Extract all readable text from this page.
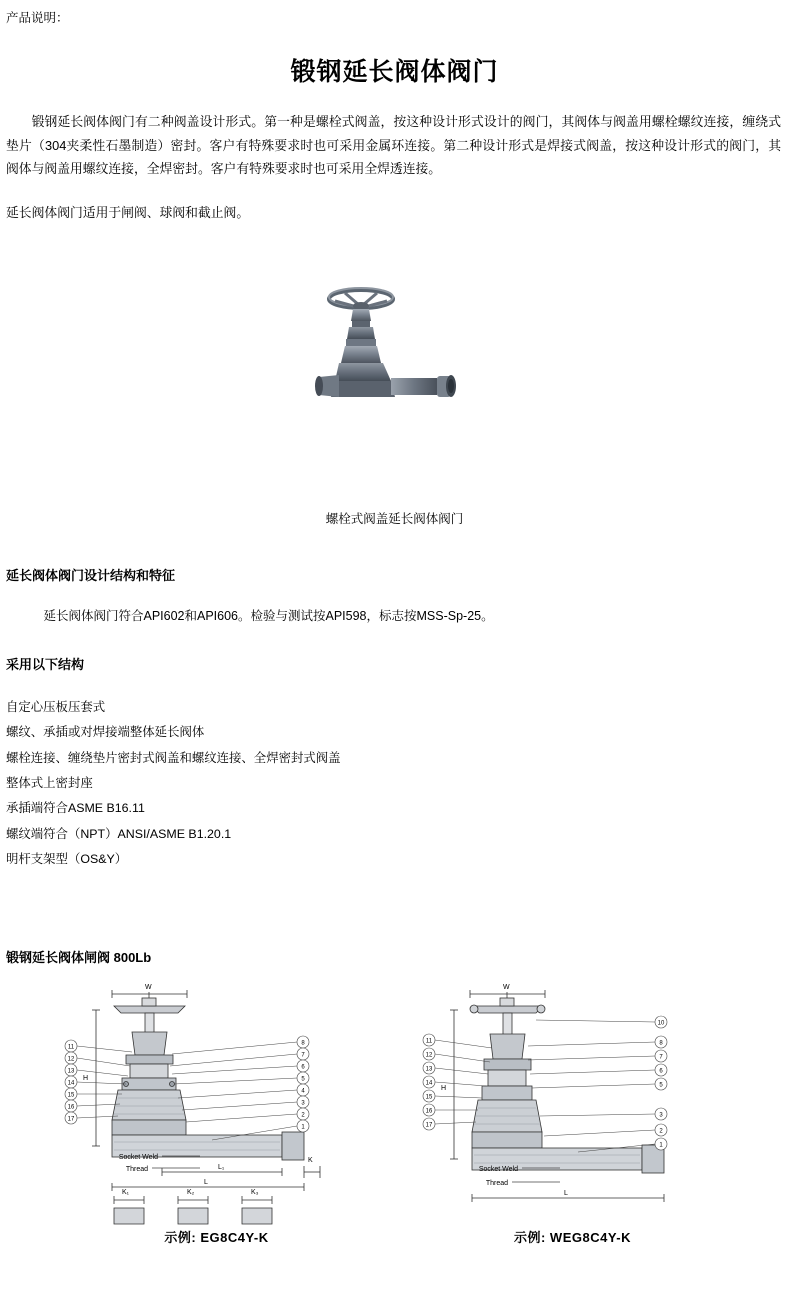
产品说明：
锻钢延长阀体阀门

锻钢延长阀体阀门有二种阀盖设计形式。第一种是螺栓式阀盖，按这种设计形式设计的阀门，其阀体与阀盖用螺栓螺纹连接，缠绕式垫片（304夹柔性石墨制造）密封。客户有特殊要求时也可采用金属环连接。第二种设计形式是焊接式阀盖，按这种设计形式的阀门，其阀体与阀盖用螺纹连接，全焊密封。客户有特殊要求时也可采用全焊透连接。

延长阀体阀门适用于闸阀、球阀和截止阀。

螺栓式阀盖延长阀体阀门
延长阀体阀门设计结构和特征

延长阀体阀门符合API602和API606。检验与测试按API598，标志按MSS-Sp-25。

采用以下结构
自定心压板压套式
螺纹、承插或对焊接端整体延长阀体
螺栓连接、缠绕垫片密封式阀盖和螺纹连接、全焊密封式阀盖
整体式上密封座
承插端符合ASME B16.11
螺纹端符合（NPT）ANSI/ASME B1.20.1
明杆支架型（OS&Y）
锻钢延长阀体闸阀 800Lb
W
H
L
L₁
K
K₁	K₂	K₃
Socket Weld
Thread
11
12
13
14
15
16
17
8
7
6
5
4
3
2
1
示例: EG8C4Y-K
W
H
L
Socket Weld
Thread
11
12
13
14
15
16
17
10
8
7
6
5
3
2
1
示例: WEG8C4Y-K
